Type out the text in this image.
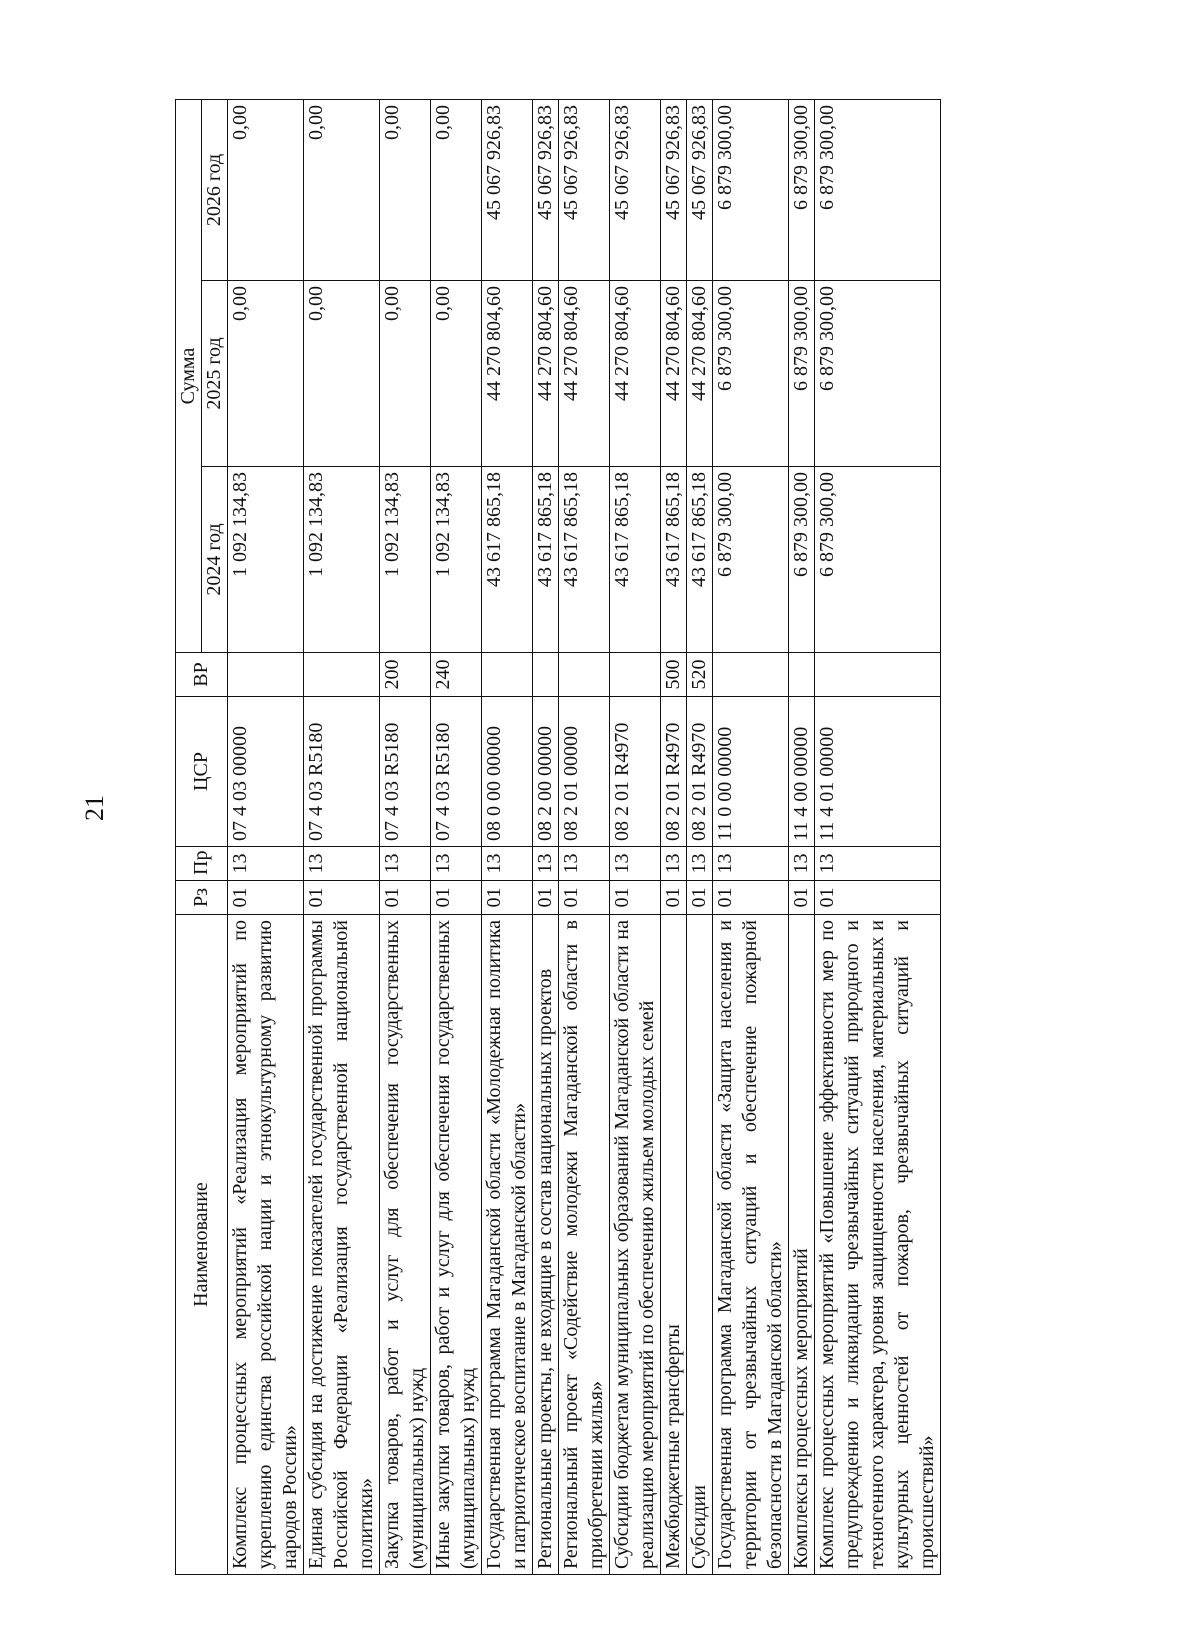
21
Наименование	Рз	Пр	ЦСР	ВР	Сумма		
					2024 год	2025 год	2026 год
Комплекс процессных мероприятий «Реализация мероприятий по укреплению единства российской нации и этнокультурному развитию народов России»	01	13	07 4 03 00000		1 092 134,83	0,00	0,00
Единая субсидия на достижение показателей государственной программы Российской Федерации «Реализация государственной национальной политики»	01	13	07 4 03 R5180		1 092 134,83	0,00	0,00
Закупка товаров, работ и услуг для обеспечения государственных (муниципальных) нужд	01	13	07 4 03 R5180	200	1 092 134,83	0,00	0,00
Иные закупки товаров, работ и услуг для обеспечения государственных (муниципальных) нужд	01	13	07 4 03 R5180	240	1 092 134,83	0,00	0,00
Государственная программа Магаданской области «Молодежная политика и патриотическое воспитание в Магаданской области»	01	13	08 0 00 00000		43 617 865,18	44 270 804,60	45 067 926,83
Региональные проекты, не входящие в состав национальных проектов	01	13	08 2 00 00000		43 617 865,18	44 270 804,60	45 067 926,83
Региональный проект «Содействие молодежи Магаданской области в приобретении жилья»	01	13	08 2 01 00000		43 617 865,18	44 270 804,60	45 067 926,83
Субсидии бюджетам муниципальных образований Магаданской области на реализацию мероприятий по обеспечению жильем молодых семей	01	13	08 2 01 R4970		43 617 865,18	44 270 804,60	45 067 926,83
Межбюджетные трансферты	01	13	08 2 01 R4970	500	43 617 865,18	44 270 804,60	45 067 926,83
Субсидии	01	13	08 2 01 R4970	520	43 617 865,18	44 270 804,60	45 067 926,83
Государственная программа Магаданской области «Защита населения и территории от чрезвычайных ситуаций и обеспечение пожарной безопасности в Магаданской области»	01	13	11 0 00 00000		6 879 300,00	6 879 300,00	6 879 300,00
Комплексы процессных мероприятий	01	13	11 4 00 00000		6 879 300,00	6 879 300,00	6 879 300,00
Комплекс процессных мероприятий «Повышение эффективности мер по предупреждению и ликвидации чрезвычайных ситуаций природного и техногенного характера, уровня защищенности населения, материальных и культурных ценностей от пожаров, чрезвычайных ситуаций и происшествий»	01	13	11 4 01 00000		6 879 300,00	6 879 300,00	6 879 300,00
